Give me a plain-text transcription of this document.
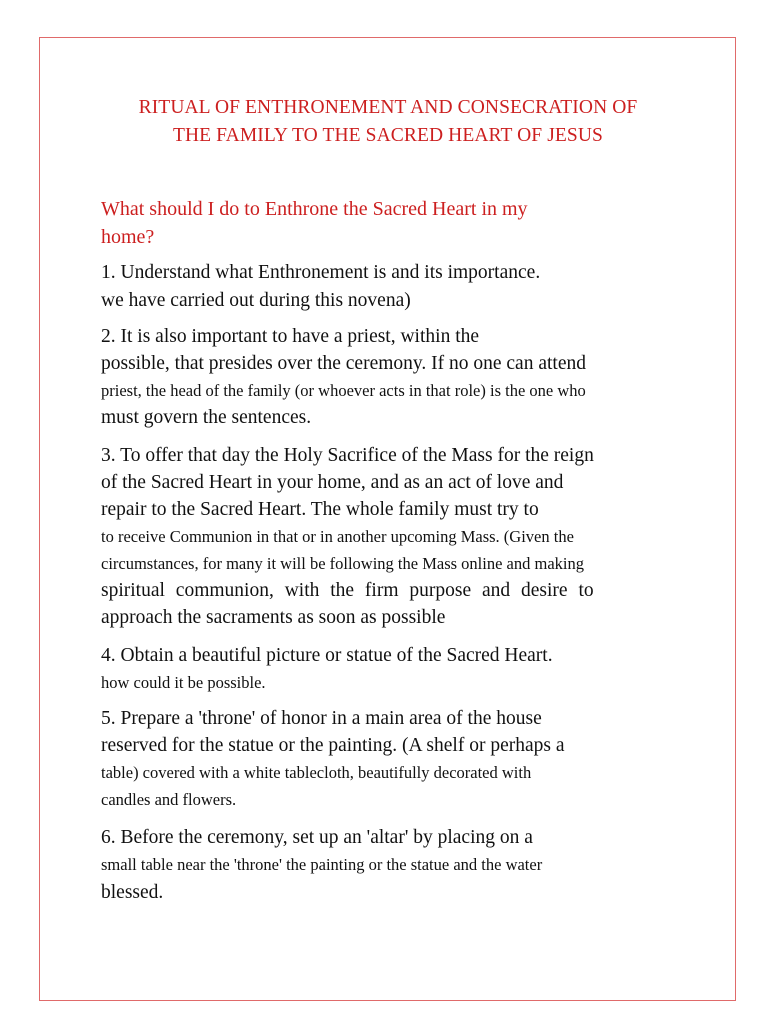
RITUAL OF ENTHRONEMENT AND CONSECRATION OF
THE FAMILY TO THE SACRED HEART OF JESUS
What should I do to Enthrone the Sacred Heart in my
home?
1. Understand what Enthronement is and its importance.
we have carried out during this novena)
2. It is also important to have a priest, within the
possible, that presides over the ceremony. If no one can attend
priest, the head of the family (or whoever acts in that role) is the one who
must govern the sentences.
3. To offer that day the Holy Sacrifice of the Mass for the reign
of the Sacred Heart in your home, and as an act of love and
repair to the Sacred Heart. The whole family must try to
to receive Communion in that or in another upcoming Mass. (Given the
circumstances, for many it will be following the Mass online and making
spiritual communion, with the firm purpose and desire to
approach the sacraments as soon as possible
4. Obtain a beautiful picture or statue of the Sacred Heart.
how could it be possible.
5. Prepare a 'throne' of honor in a main area of the house
reserved for the statue or the painting. (A shelf or perhaps a
table) covered with a white tablecloth, beautifully decorated with
candles and flowers.
6. Before the ceremony, set up an 'altar' by placing on a
small table near the 'throne' the painting or the statue and the water
blessed.
